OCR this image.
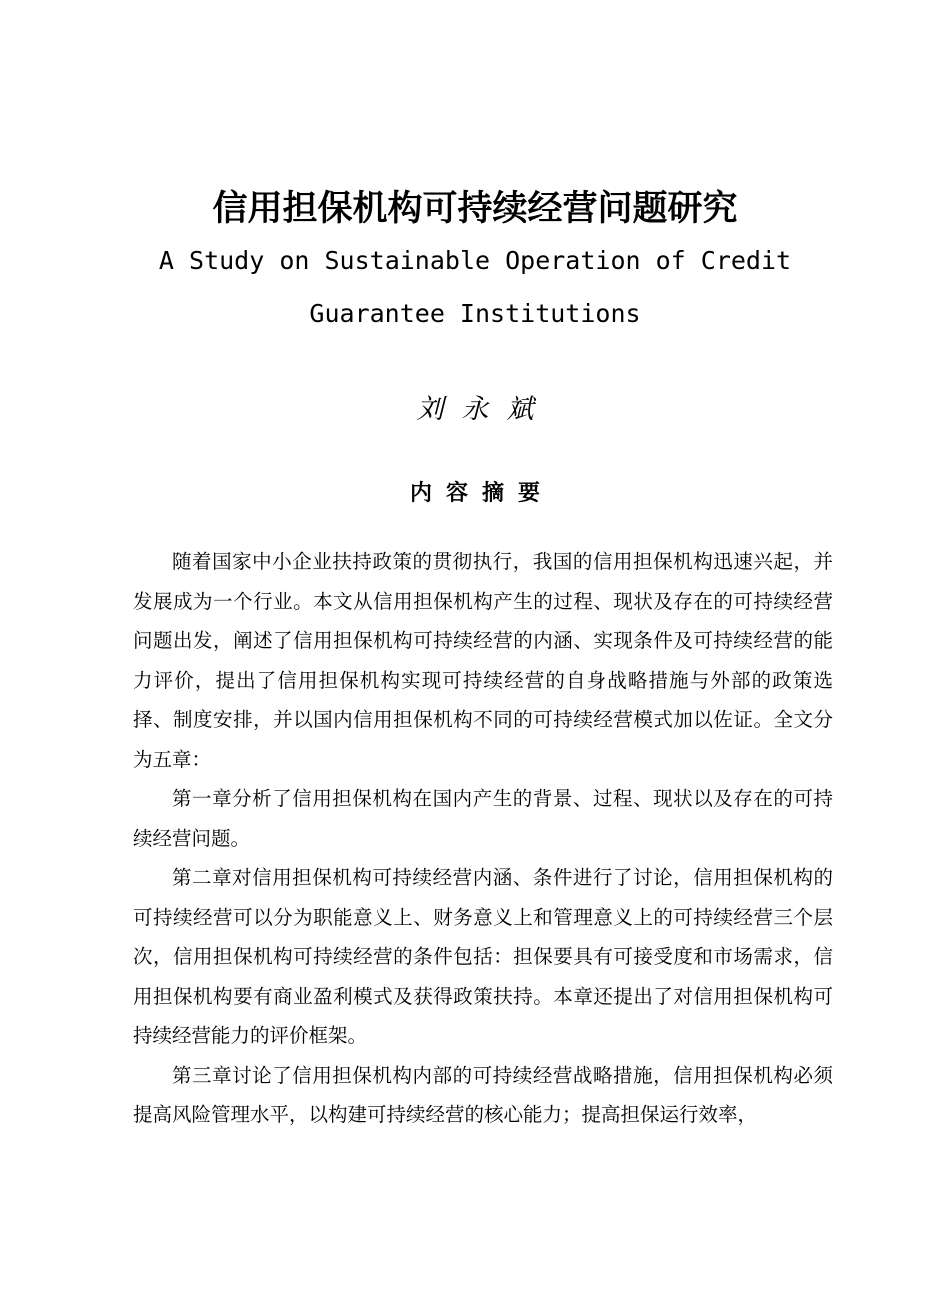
信用担保机构可持续经营问题研究
A Study on Sustainable Operation of Credit
Guarantee Institutions
刘永斌
内容摘要

随着国家中小企业扶持政策的贯彻执行，我国的信用担保机构迅速兴起，并发展成为一个行业。本文从信用担保机构产生的过程、现状及存在的可持续经营问题出发，阐述了信用担保机构可持续经营的内涵、实现条件及可持续经营的能力评价，提出了信用担保机构实现可持续经营的自身战略措施与外部的政策选择、制度安排，并以国内信用担保机构不同的可持续经营模式加以佐证。全文分为五章：

第一章分析了信用担保机构在国内产生的背景、过程、现状以及存在的可持续经营问题。

第二章对信用担保机构可持续经营内涵、条件进行了讨论，信用担保机构的可持续经营可以分为职能意义上、财务意义上和管理意义上的可持续经营三个层次，信用担保机构可持续经营的条件包括：担保要具有可接受度和市场需求，信用担保机构要有商业盈利模式及获得政策扶持。本章还提出了对信用担保机构可持续经营能力的评价框架。

第三章讨论了信用担保机构内部的可持续经营战略措施，信用担保机构必须提高风险管理水平，以构建可持续经营的核心能力；提高担保运行效率，
